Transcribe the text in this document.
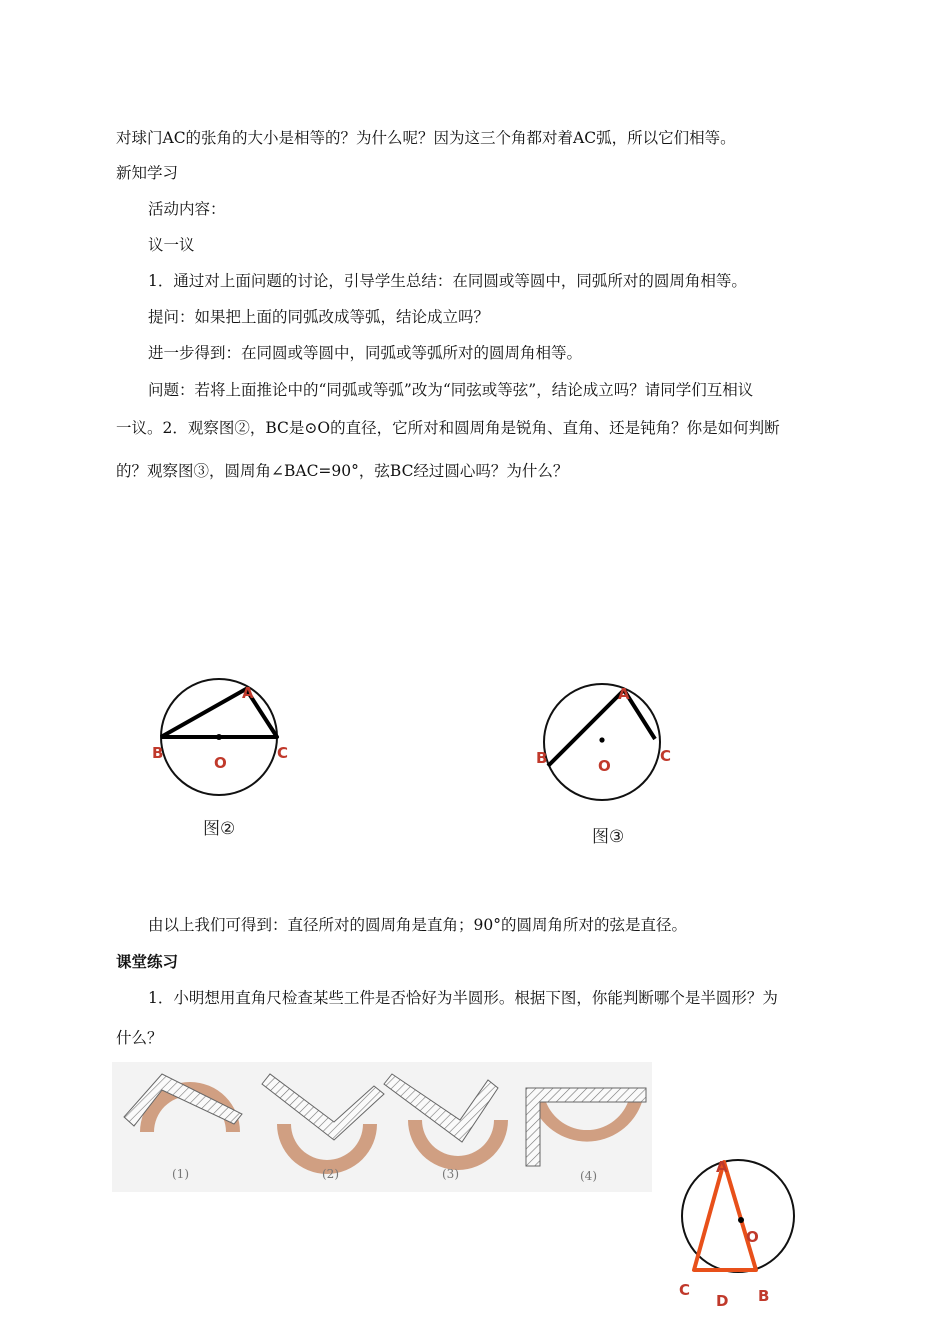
对球门AC的张角的大小是相等的？为什么呢？因为这三个角都对着AC弧，所以它们相等。
新知学习
活动内容：
议一议
1．通过对上面问题的讨论，引导学生总结：在同圆或等圆中，同弧所对的圆周角相等。
提问：如果把上面的同弧改成等弧，结论成立吗？
进一步得到：在同圆或等圆中，同弧或等弧所对的圆周角相等。
问题：若将上面推论中的“同弧或等弧”改为“同弦或等弦”，结论成立吗？请同学们互相议
一议。2．观察图②，BC是⊙O的直径，它所对和圆周角是锐角、直角、还是钝角？你是如何判断
的？观察图③，圆周角∠BAC=90°，弦BC经过圆心吗？为什么？
A
B	C
O
图②
A
B	C
O
图③
由以上我们可得到：直径所对的圆周角是直角；90°的圆周角所对的弦是直径。
课堂练习
1．小明想用直角尺检查某些工件是否恰好为半圆形。根据下图，你能判断哪个是半圆形？为
什么？
(1)	(2)	(3)	(4)	A
O
C
D B
